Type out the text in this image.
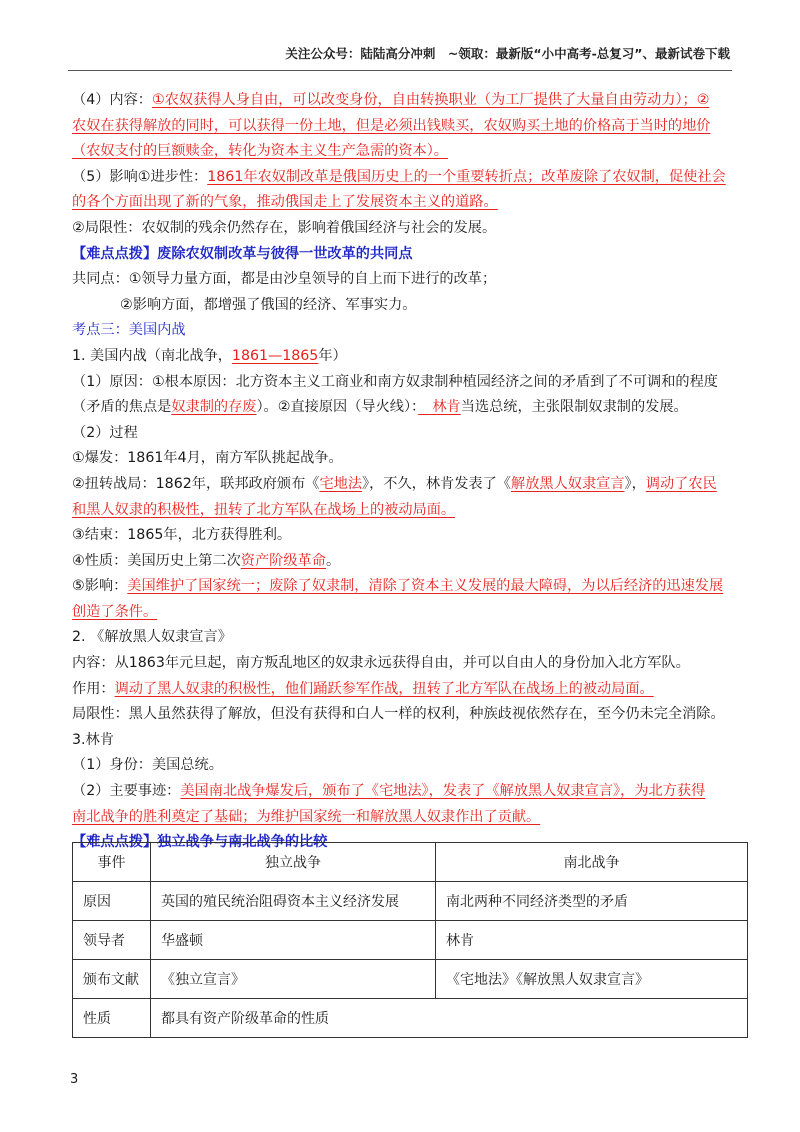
关注公众号：陆陆高分冲刺　~领取：最新版“小中高考-总复习”、最新试卷下载
（4）内容：①农奴获得人身自由，可以改变身份，自由转换职业（为工厂提供了大量自由劳动力）；②
农奴在获得解放的同时，可以获得一份土地，但是必须出钱赎买，农奴购买土地的价格高于当时的地价
（农奴支付的巨额赎金，转化为资本主义生产急需的资本）。
（5）影响①进步性：1861年农奴制改革是俄国历史上的一个重要转折点；改革废除了农奴制，促使社会
的各个方面出现了新的气象，推动俄国走上了发展资本主义的道路。
②局限性：农奴制的残余仍然存在，影响着俄国经济与社会的发展。
【难点点拨】废除农奴制改革与彼得一世改革的共同点
共同点：①领导力量方面，都是由沙皇领导的自上而下进行的改革；
②影响方面，都增强了俄国的经济、军事实力。
考点三：美国内战
1. 美国内战（南北战争，1861—1865年）
（1）原因：①根本原因：北方资本主义工商业和南方奴隶制种植园经济之间的矛盾到了不可调和的程度
（矛盾的焦点是奴隶制的存废）。②直接原因（导火线）：　林肯当选总统，主张限制奴隶制的发展。
（2）过程
①爆发：1861年4月，南方军队挑起战争。
②扭转战局：1862年，联邦政府颁布《宅地法》，不久，林肯发表了《解放黑人奴隶宣言》，调动了农民
和黑人奴隶的积极性，扭转了北方军队在战场上的被动局面。
③结束：1865年，北方获得胜利。
④性质：美国历史上第二次资产阶级革命。
⑤影响：美国维护了国家统一；废除了奴隶制，清除了资本主义发展的最大障碍，为以后经济的迅速发展
创造了条件。
2. 《解放黑人奴隶宣言》
内容：从1863年元旦起，南方叛乱地区的奴隶永远获得自由，并可以自由人的身份加入北方军队。
作用：调动了黑人奴隶的积极性，他们踊跃参军作战，扭转了北方军队在战场上的被动局面。
局限性：黑人虽然获得了解放，但没有获得和白人一样的权利，种族歧视依然存在，至今仍未完全消除。
3.林肯
（1）身份：美国总统。
（2）主要事迹：美国南北战争爆发后，颁布了《宅地法》，发表了《解放黑人奴隶宣言》，为北方获得
南北战争的胜利奠定了基础；为维护国家统一和解放黑人奴隶作出了贡献。
【难点点拨】独立战争与南北战争的比较
事件	独立战争	南北战争
原因	英国的殖民统治阻碍资本主义经济发展	南北两种不同经济类型的矛盾
领导者	华盛顿	林肯
颁布文献	《独立宣言》	《宅地法》《解放黑人奴隶宣言》
性质	都具有资产阶级革命的性质	
3
